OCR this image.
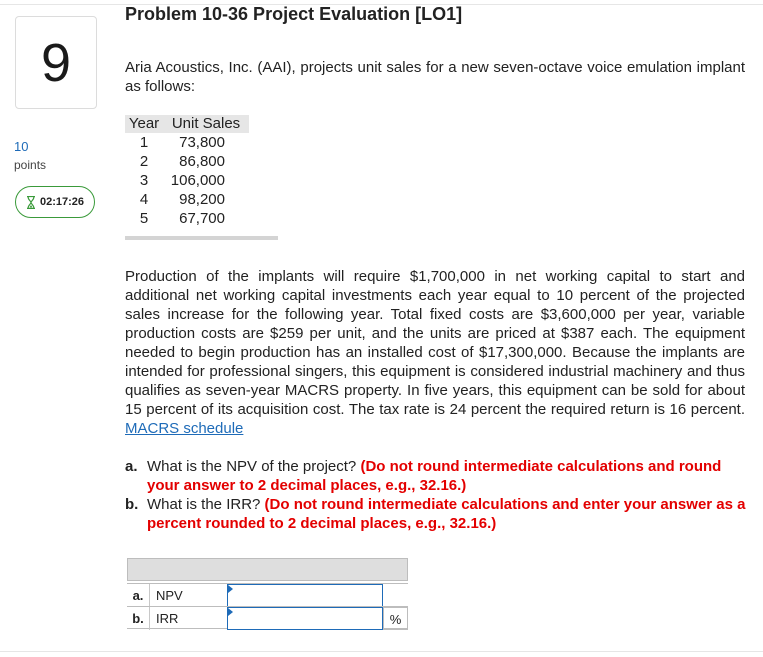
9
10
points
02:17:26
Problem 10-36 Project Evaluation [LO1]
Aria Acoustics, Inc. (AAI), projects unit sales for a new seven-octave voice emulation implant as follows:
Year	Unit Sales
1	73,800
2	86,800
3	106,000
4	98,200
5	67,700
Production of the implants will require $1,700,000 in net working capital to start and additional net working capital investments each year equal to 10 percent of the projected sales increase for the following year. Total fixed costs are $3,600,000 per year, variable production costs are $259 per unit, and the units are priced at $387 each. The equipment needed to begin production has an installed cost of $17,300,000. Because the implants are intended for professional singers, this equipment is considered industrial machinery and thus qualifies as seven-year MACRS property. In five years, this equipment can be sold for about 15 percent of its acquisition cost. The tax rate is 24 percent the required return is 16 percent. MACRS schedule
a. What is the NPV of the project? (Do not round intermediate calculations and round your answer to 2 decimal places, e.g., 32.16.)
b. What is the IRR? (Do not round intermediate calculations and enter your answer as a percent rounded to 2 decimal places, e.g., 32.16.)
a. NPV
b. IRR	%
